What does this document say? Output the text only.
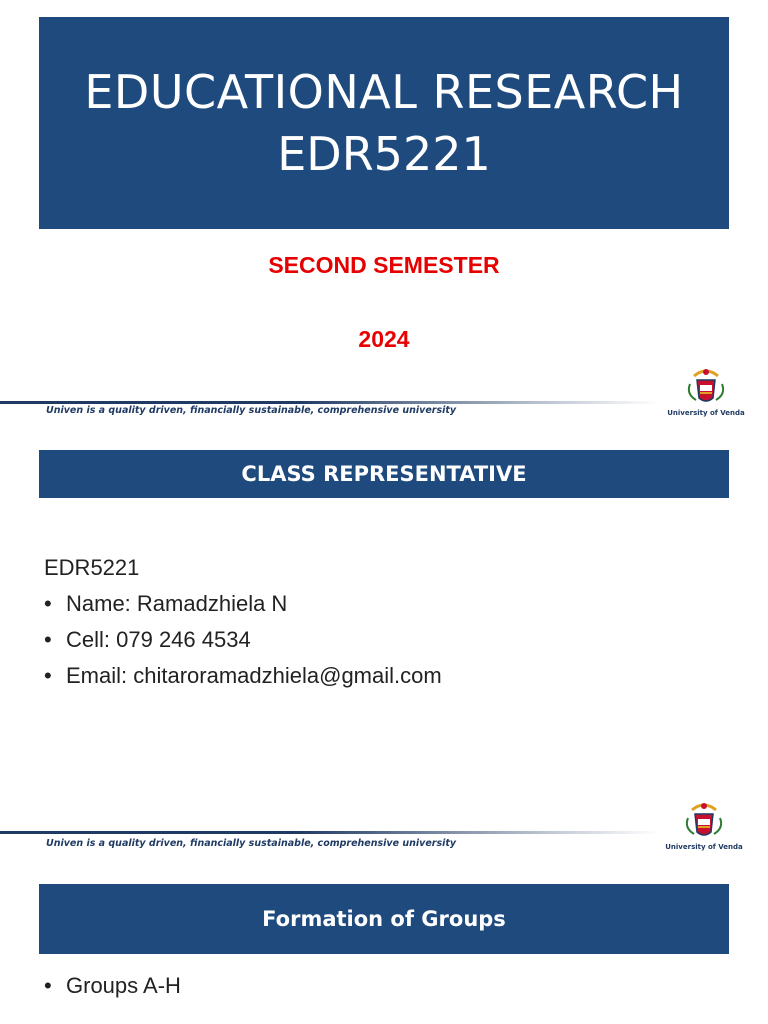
EDUCATIONAL RESEARCH
EDR5221
SECOND SEMESTER
2024
Univen is a quality driven, financially sustainable, comprehensive university	University of Venda
CLASS REPRESENTATIVE
EDR5221
• Name: Ramadzhiela N
• Cell: 079 246 4534
• Email: chitaroramadzhiela@gmail.com
Univen is a quality driven, financially sustainable, comprehensive university	University of Venda
Formation of Groups
• Groups A-H
